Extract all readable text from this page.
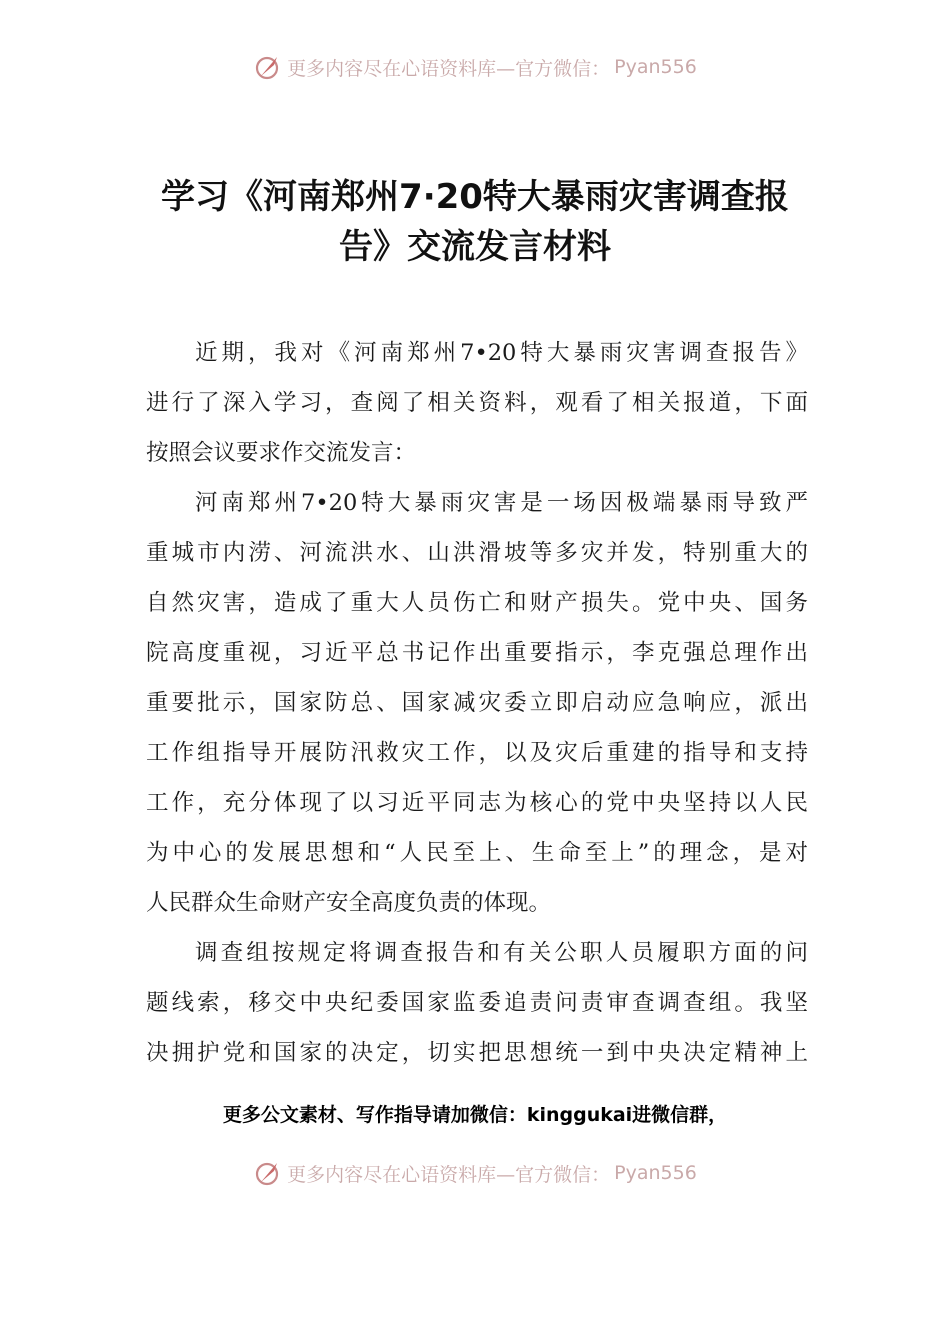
更多内容尽在心语资料库—官方微信： Pyan556
学习《河南郑州7·20特大暴雨灾害调查报
告》交流发言材料

近期，我对《河南郑州7•20特大暴雨灾害调查报告》
进行了深入学习，查阅了相关资料，观看了相关报道，下面
按照会议要求作交流发言：

河南郑州7•20特大暴雨灾害是一场因极端暴雨导致严
重城市内涝、河流洪水、山洪滑坡等多灾并发，特别重大的
自然灾害，造成了重大人员伤亡和财产损失。党中央、国务
院高度重视，习近平总书记作出重要指示，李克强总理作出
重要批示，国家防总、国家减灾委立即启动应急响应，派出
工作组指导开展防汛救灾工作，以及灾后重建的指导和支持
工作，充分体现了以习近平同志为核心的党中央坚持以人民
为中心的发展思想和“人民至上、生命至上”的理念，是对
人民群众生命财产安全高度负责的体现。

调查组按规定将调查报告和有关公职人员履职方面的问
题线索，移交中央纪委国家监委追责问责审查调查组。我坚
决拥护党和国家的决定，切实把思想统一到中央决定精神上

更多公文素材、写作指导请加微信：kinggukai进微信群，
更多内容尽在心语资料库—官方微信： Pyan556
